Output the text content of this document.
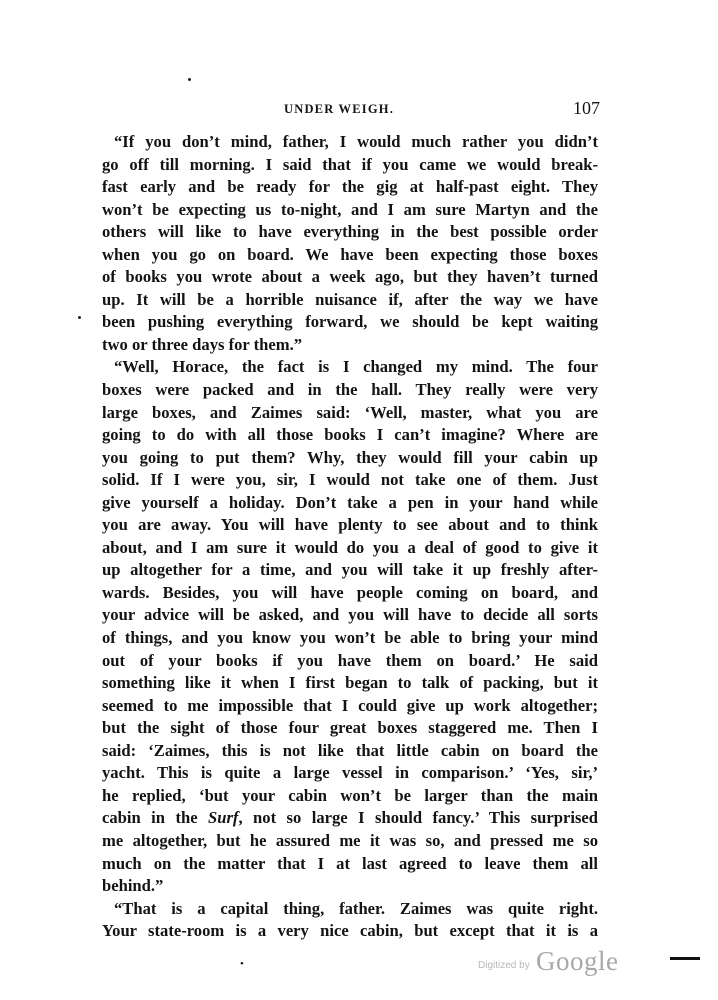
UNDER WEIGH.	107
“If you don’t mind, father, I would much rather you didn’t
go off till morning. I said that if you came we would break-
fast early and be ready for the gig at half-past eight. They
won’t be expecting us to-night, and I am sure Martyn and the
others will like to have everything in the best possible order
when you go on board. We have been expecting those boxes
of books you wrote about a week ago, but they haven’t turned
up. It will be a horrible nuisance if, after the way we have
been pushing everything forward, we should be kept waiting
two or three days for them.”
“Well, Horace, the fact is I changed my mind. The four
boxes were packed and in the hall. They really were very
large boxes, and Zaimes said: ‘Well, master, what you are
going to do with all those books I can’t imagine? Where are
you going to put them? Why, they would fill your cabin up
solid. If I were you, sir, I would not take one of them. Just
give yourself a holiday. Don’t take a pen in your hand while
you are away. You will have plenty to see about and to think
about, and I am sure it would do you a deal of good to give it
up altogether for a time, and you will take it up freshly after-
wards. Besides, you will have people coming on board, and
your advice will be asked, and you will have to decide all sorts
of things, and you know you won’t be able to bring your mind
out of your books if you have them on board.’ He said
something like it when I first began to talk of packing, but it
seemed to me impossible that I could give up work altogether;
but the sight of those four great boxes staggered me. Then I
said: ‘Zaimes, this is not like that little cabin on board the
yacht. This is quite a large vessel in comparison.’ ‘Yes, sir,’
he replied, ‘but your cabin won’t be larger than the main
cabin in the Surf, not so large I should fancy.’ This surprised
me altogether, but he assured me it was so, and pressed me so
much on the matter that I at last agreed to leave them all
behind.”
“That is a capital thing, father. Zaimes was quite right.
Your state-room is a very nice cabin, but except that it is a
•	Digitized by Google
